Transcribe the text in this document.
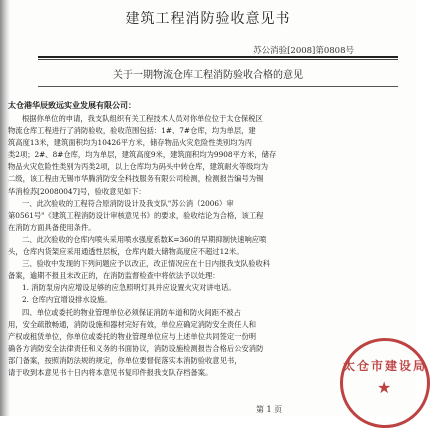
建筑工程消防验收意见书
苏公消验[2008]第0808号
关于一期物流仓库工程消防验收合格的意见
太仓港华辰致远实业发展有限公司：

根据你单位的申请，我支队组织有关工程技术人员对你单位位于太仓保税区

物流仓库工程进行了消防验收，验收范围包括：1#、7#仓库，均为单层，建

筑高度13米，建筑面积均为10426平方米，储存物品火灾危险性类别均为丙

类2项；2#、8#仓库，均为单层，建筑高度9米，建筑面积均为9908平方米，储存

物品火灾危险性类别为丙类2项，以上仓库均为码头中转仓库，建筑耐火等级均为

二级，该工程由无锡市华腾消防安全科技服务有限公司检测，检测报告编号为锡

华消检苏[20080047]号，验收意见如下：

一、此次验收的工程符合原消防设计及我支队"苏公消（2006）审

第0561号"《建筑工程消防设计审核意见书》的要求，验收结论为合格，该工程

在消防方面具备使用条件。

二、此次验收的仓库内喷头采用喷水强度系数K=360的早期抑制快速响应喷

头，仓库内货架应采用通透性层板，仓库内最大储物高度应不超过12米。

三、验收中发现的下列问题应予以改正，改正情况应在十日内报我支队验收科

备案，逾期不报且未改正的，在消防监督检查中将依法予以处理：

1. 消防泵房内应增设足够的应急照明灯具并应设置火灾对讲电话。

2. 仓库内宜增设排水设施。

四、单位或委托的物业管理单位必须保证消防车道和防火间距不被占

用，安全疏散畅通，消防设施和器材完好有效，单位应确定消防安全责任人和

产权或租赁单位，你单位或委托的物业管理单位应与上述单位共同签定一份明

确各方消防安全法律责任和义务的书面协议，消防设施检测报告合格后公安消防

部门备案，按照消防法规的规定，你单位要督促落实本消防验收意见书，

请于收到本意见书十日内将本意见书复印件报我支队存档备案。	太仓市建设局
★
第 1 页
